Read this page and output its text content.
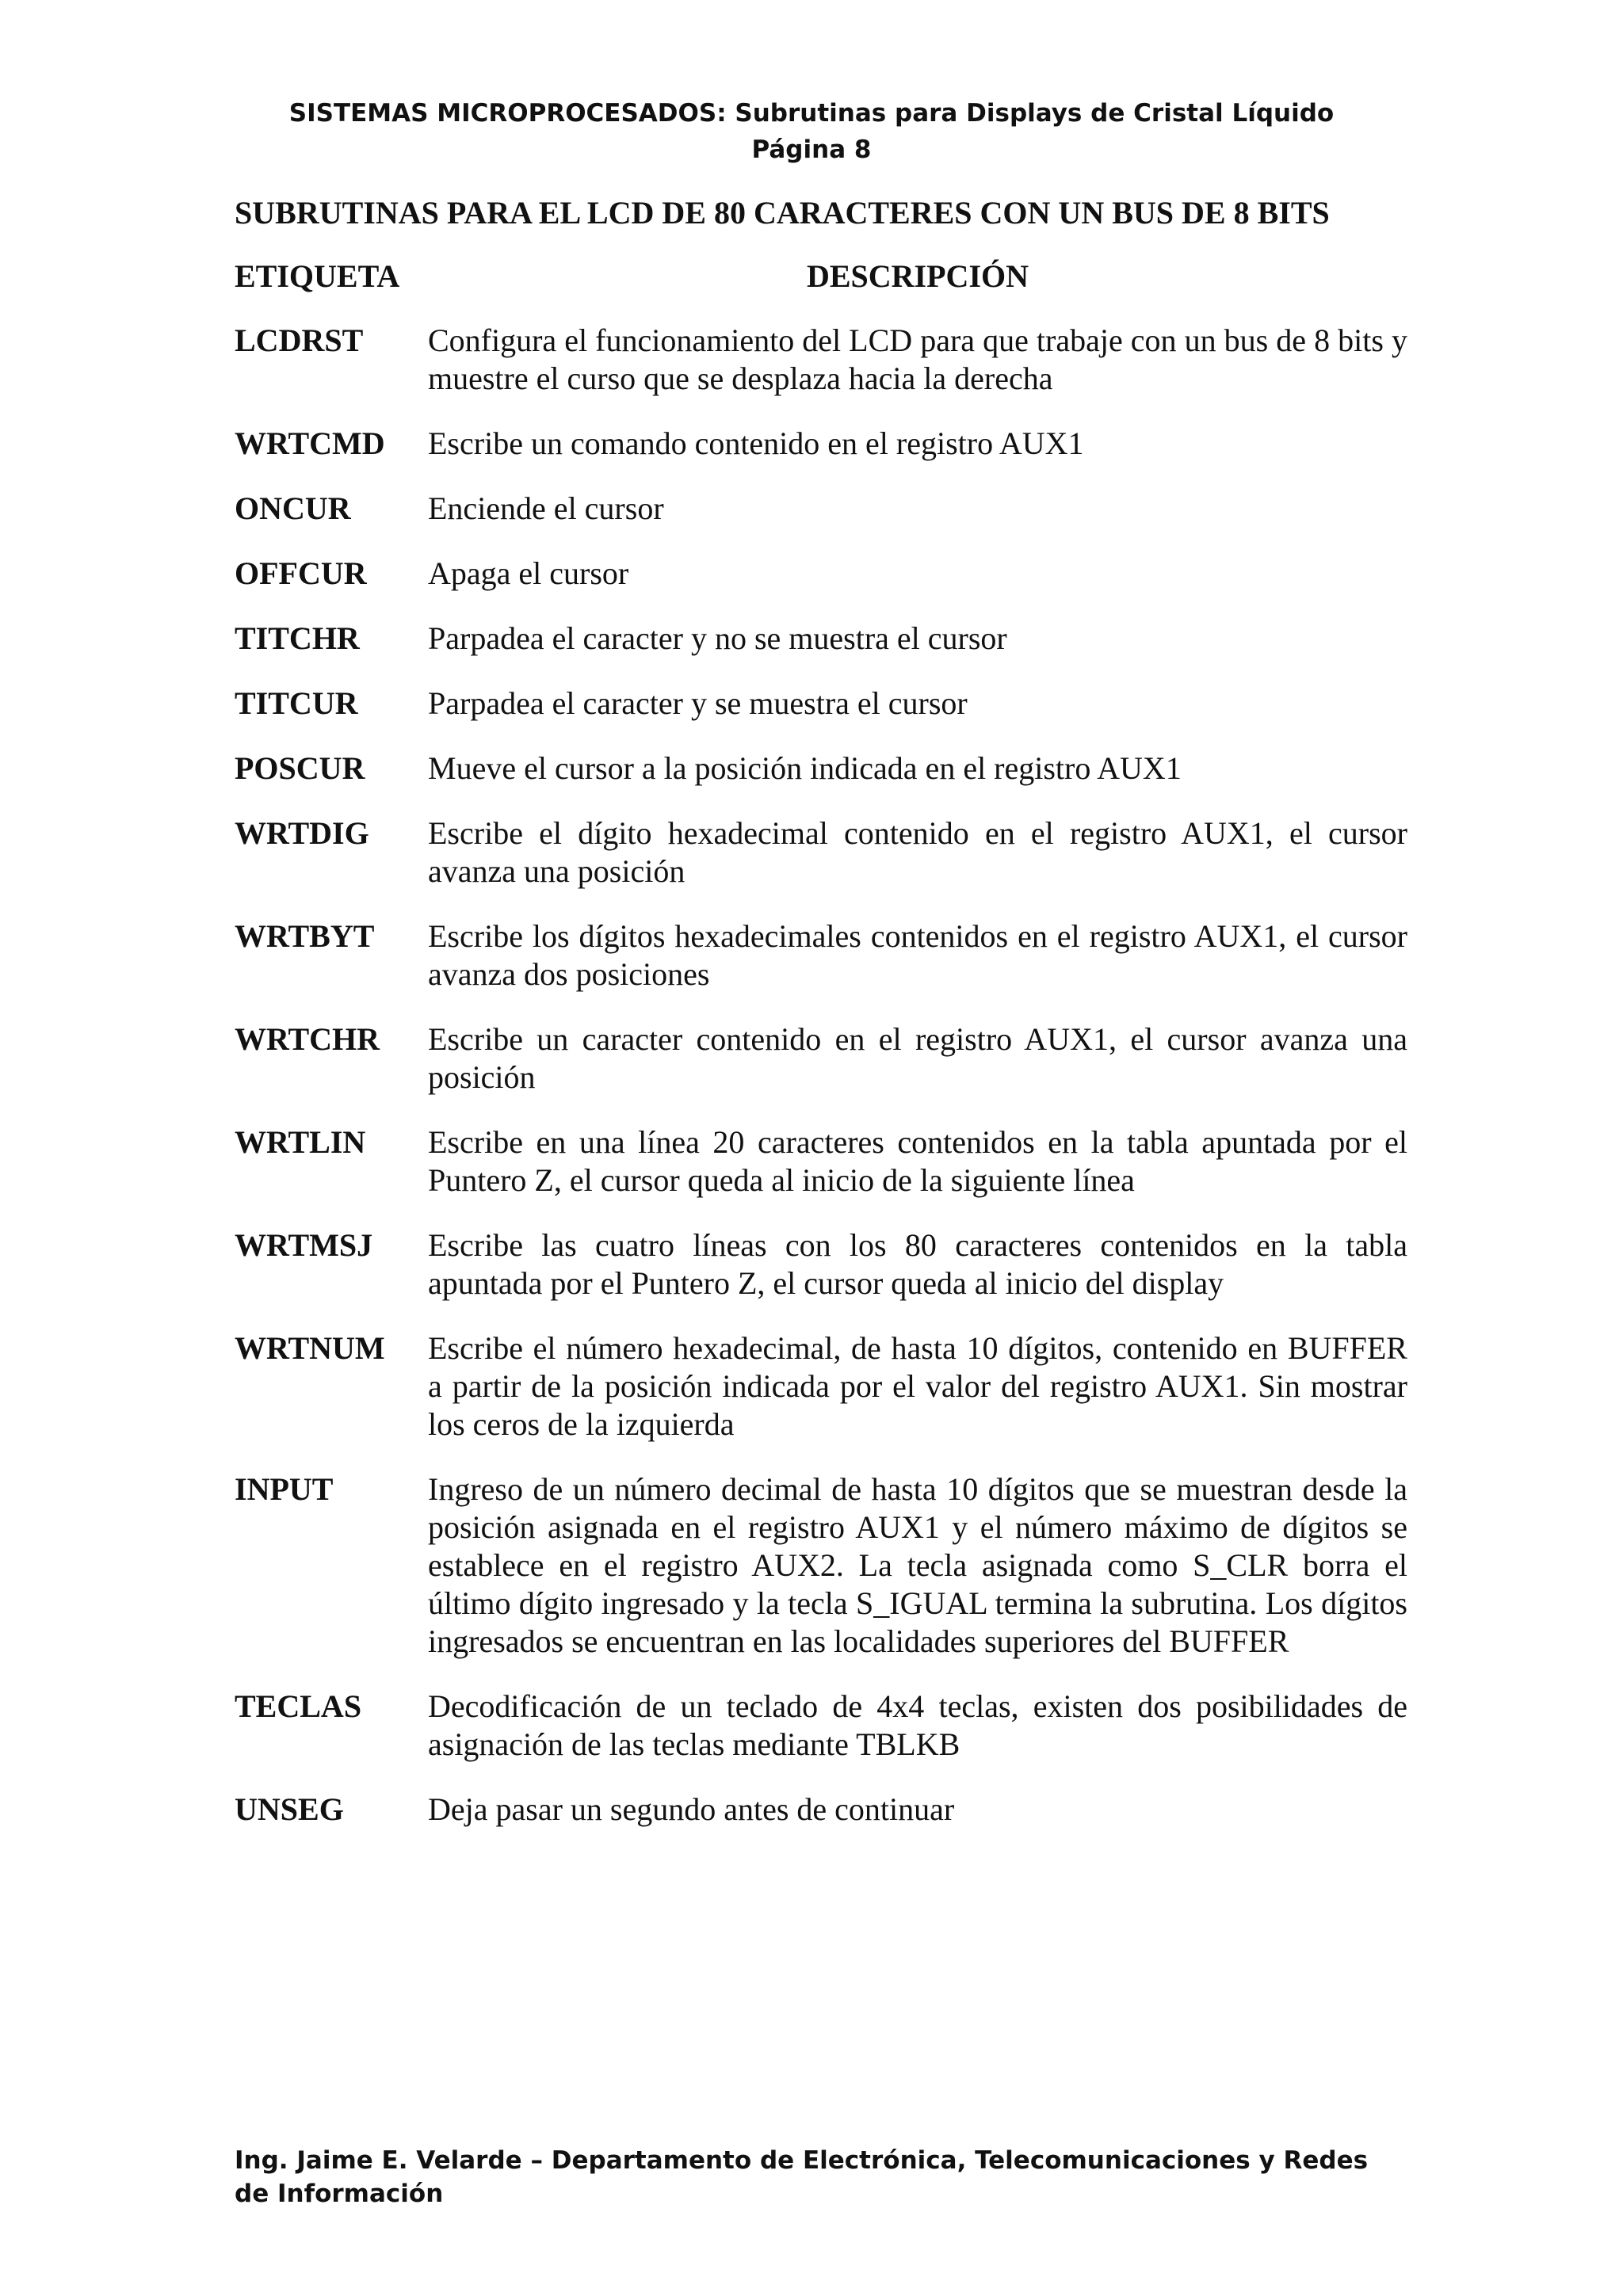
SISTEMAS MICROPROCESADOS: Subrutinas para Displays de Cristal Líquido
Página 8
SUBRUTINAS PARA EL LCD DE 80 CARACTERES CON UN BUS DE 8 BITS
ETIQUETA	DESCRIPCIÓN
LCDRST	Configura el funcionamiento del LCD para que trabaje con un bus de 8 bits y muestre el curso que se desplaza hacia la derecha
WRTCMD	Escribe un comando contenido en el registro AUX1
ONCUR	Enciende el cursor
OFFCUR	Apaga el cursor
TITCHR	Parpadea el caracter y no se muestra el cursor
TITCUR	Parpadea el caracter y se muestra el cursor
POSCUR	Mueve el cursor a la posición indicada en el registro AUX1
WRTDIG	Escribe el dígito hexadecimal contenido en el registro AUX1, el cursor avanza una posición
WRTBYT	Escribe los dígitos hexadecimales contenidos en el registro AUX1, el cursor avanza dos posiciones
WRTCHR	Escribe un caracter contenido en el registro AUX1, el cursor avanza una posición
WRTLIN	Escribe en una línea 20 caracteres contenidos en la tabla apuntada por el Puntero Z, el cursor queda al inicio de la siguiente línea
WRTMSJ	Escribe las cuatro líneas con los 80 caracteres contenidos en la tabla apuntada por el Puntero Z, el cursor queda al inicio del display
WRTNUM	Escribe el número hexadecimal, de hasta 10 dígitos, contenido en BUFFER a partir de la posición indicada por el valor del registro AUX1. Sin mostrar los ceros de la izquierda
INPUT	Ingreso de un número decimal de hasta 10 dígitos que se muestran desde la posición asignada en el registro AUX1 y el número máximo de dígitos se establece en el registro AUX2. La tecla asignada como S_CLR borra el último dígito ingresado y la tecla S_IGUAL termina la subrutina. Los dígitos ingresados se encuentran en las localidades superiores del BUFFER
TECLAS	Decodificación de un teclado de 4x4 teclas, existen dos posibilidades de asignación de las teclas mediante TBLKB
UNSEG	Deja pasar un segundo antes de continuar
Ing. Jaime E. Velarde – Departamento de Electrónica, Telecomunicaciones y Redes de Información
